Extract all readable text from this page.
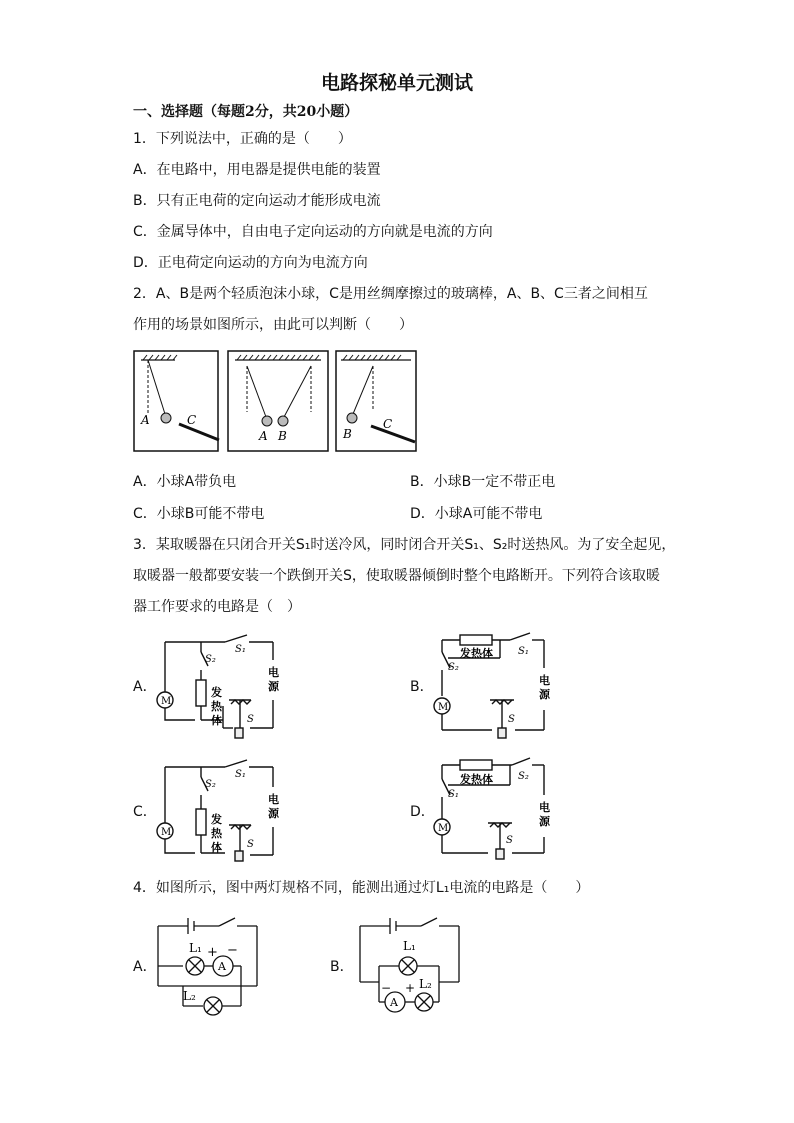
电路探秘单元测试
一、选择题（每题2分，共20小题）
1．下列说法中，正确的是（　　）
A．在电路中，用电器是提供电能的装置
B．只有正电荷的定向运动才能形成电流
C．金属导体中，自由电子定向运动的方向就是电流的方向
D．正电荷定向运动的方向为电流方向
2．A、B是两个轻质泡沫小球，C是用丝绸摩擦过的玻璃棒，A、B、C三者之间相互
作用的场景如图所示，由此可以判断（　　）
A	C
A B	B
C
A．小球A带负电	B．小球B一定不带正电
C．小球B可能不带电	D．小球A可能不带电
3．某取暖器在只闭合开关S₁时送冷风，同时闭合开关S₁、S₂时送热风。为了安全起见，
取暖器一般都要安装一个跌倒开关S，使取暖器倾倒时整个电路断开。下列符合该取暖
器工作要求的电路是（　）
A．	B．
C．	D．
M
S₁
S₂
发
热
体	S
电
源
M
发热体	S₁
S₂
S
电
源
M
S₁
S₂
发
热
体	S
电
源
M
发热体	S₂
S₁
S
电
源
4．如图所示，图中两灯规格不同，能测出通过灯L₁电流的电路是（　　）
A．	B．
L₁ + −
A
L₂
L₁
− +
A
L₂
